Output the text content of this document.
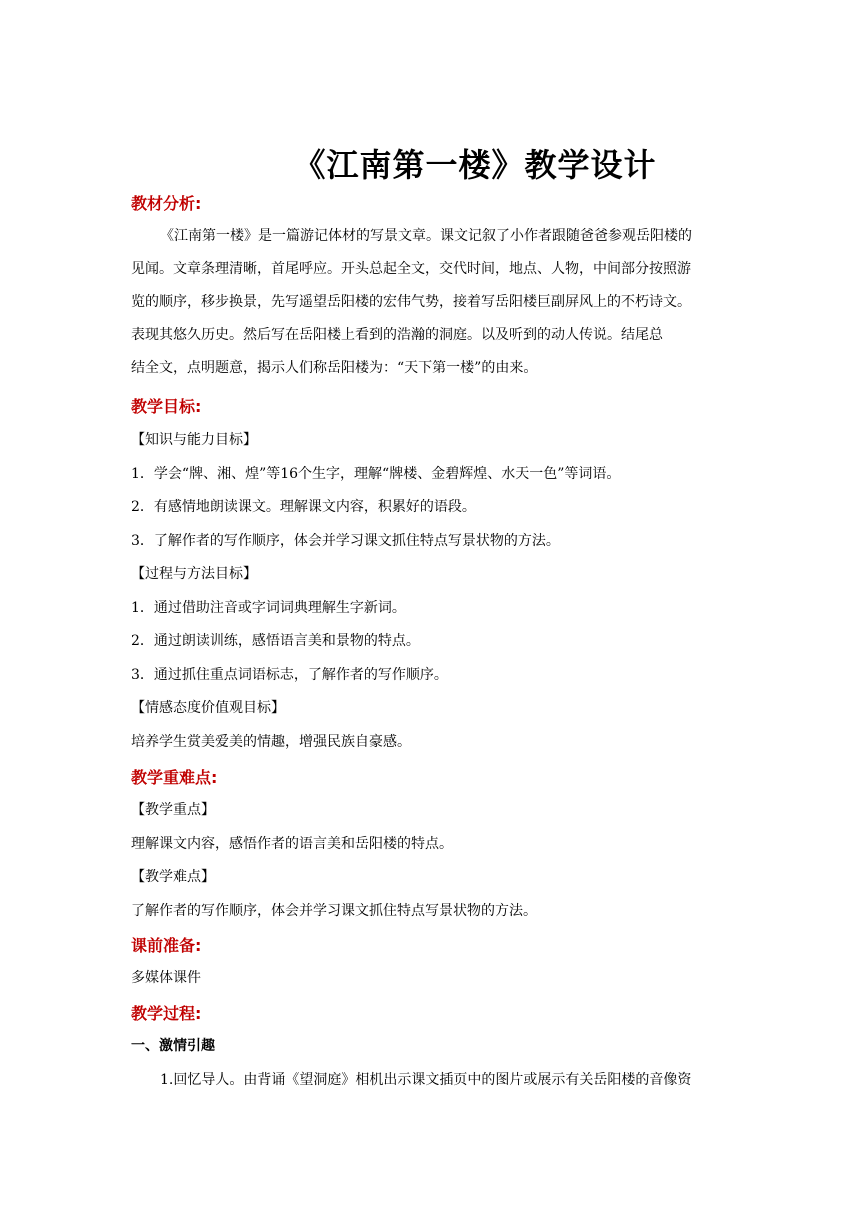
《江南第一楼》教学设计
教材分析:
《江南第一楼》是一篇游记体材的写景文章。课文记叙了小作者跟随爸爸参观岳阳楼的
见闻。文章条理清晰，首尾呼应。开头总起全文，交代时间，地点、人物，中间部分按照游
览的顺序，移步换景，先写遥望岳阳楼的宏伟气势，接着写岳阳楼巨副屏风上的不朽诗文。
表现其悠久历史。然后写在岳阳楼上看到的浩瀚的洞庭。以及听到的动人传说。结尾总
结全文，点明题意，揭示人们称岳阳楼为：“天下第一楼”的由来。
教学目标:
【知识与能力目标】
1．学会“牌、湘、煌”等16个生字，理解“牌楼、金碧辉煌、水天一色”等词语。
2．有感情地朗读课文。理解课文内容，积累好的语段。
3．了解作者的写作顺序，体会并学习课文抓住特点写景状物的方法。
【过程与方法目标】
1．通过借助注音或字词词典理解生字新词。
2．通过朗读训练，感悟语言美和景物的特点。
3．通过抓住重点词语标志，了解作者的写作顺序。
【情感态度价值观目标】
培养学生赏美爱美的情趣，增强民族自豪感。
教学重难点:
【教学重点】
理解课文内容，感悟作者的语言美和岳阳楼的特点。
【教学难点】
了解作者的写作顺序，体会并学习课文抓住特点写景状物的方法。
课前准备:
多媒体课件
教学过程:
一、激情引趣
1.回忆导人。由背诵《望洞庭》相机出示课文插页中的图片或展示有关岳阳楼的音像资
